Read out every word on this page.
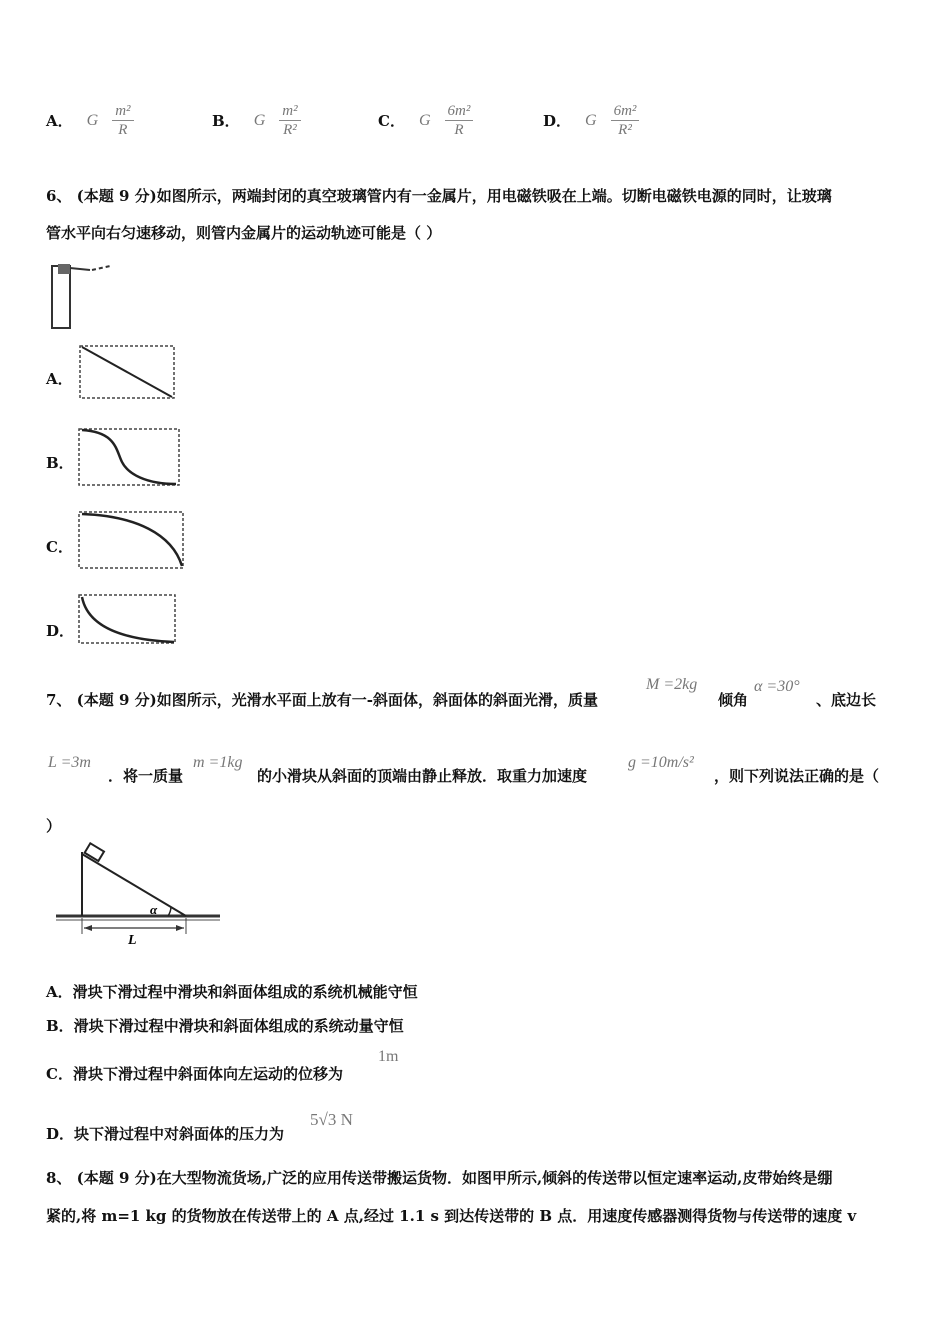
A． G $\frac{\text{m²}}{R}$	B． G $\frac{\text{m²}}{\text{R²}}$	C． G $\frac{\text{6m²}}{R}$	D． G $\frac{\text{6m²}}{\text{R²}}$
6、 (本题 9 分)如图所示，两端封闭的真空玻璃管内有一金属片，用电磁铁吸在上端。切断电磁铁电源的同时，让玻璃
管水平向右匀速移动，则管内金属片的运动轨迹可能是（ ）
A．
B．
C．
D．
7、 (本题 9 分)如图所示，光滑水平面上放有一-斜面体，斜面体的斜面光滑，质量
M =2kg
倾角
α =30°
、底边长
L =3m
．将一质量
m =1kg
的小滑块从斜面的顶端由静止释放．取重力加速度
g =10m/s²
，则下列说法正确的是（
）
α
L
A．滑块下滑过程中滑块和斜面体组成的系统机械能守恒
B．滑块下滑过程中滑块和斜面体组成的系统动量守恒
C．滑块下滑过程中斜面体向左运动的位移为
1m
D．块下滑过程中对斜面体的压力为
5√3 N
8、 (本题 9 分)在大型物流货场,广泛的应用传送带搬运货物．如图甲所示,倾斜的传送带以恒定速率运动,皮带始终是绷
紧的,将 m=1 kg 的货物放在传送带上的 A 点,经过 1.1 s 到达传送带的 B 点．用速度传感器测得货物与传送带的速度 v
